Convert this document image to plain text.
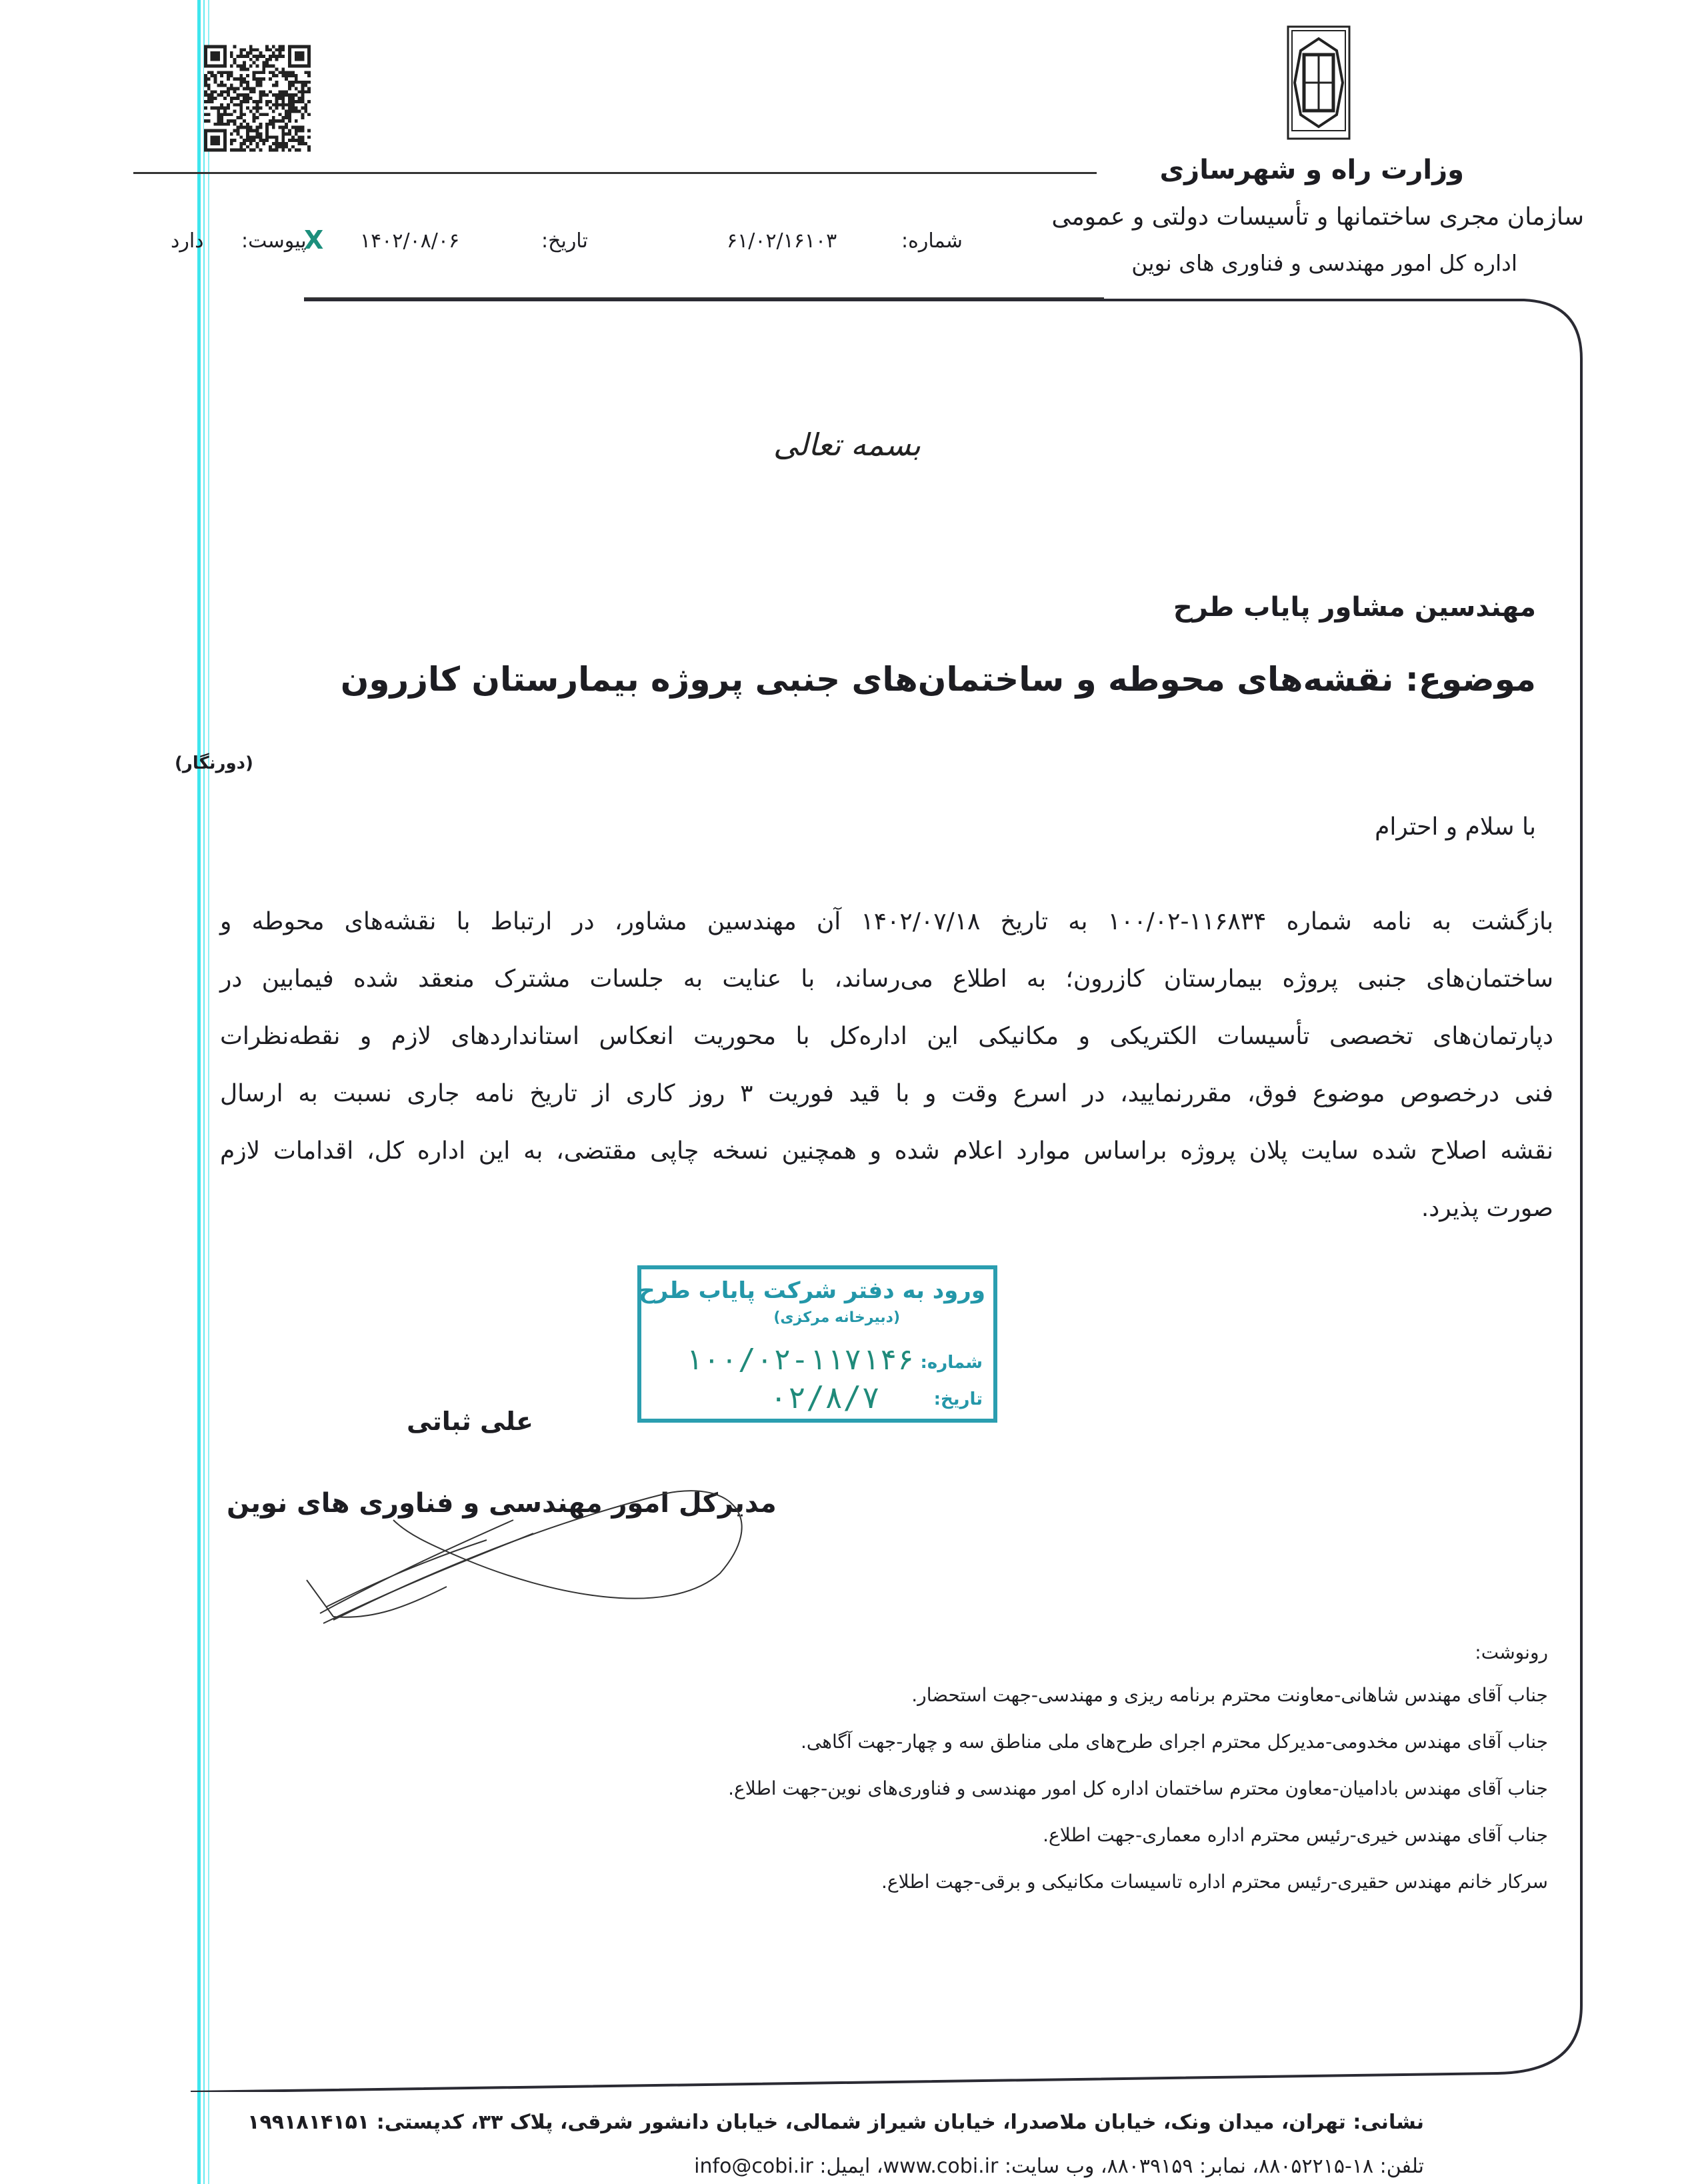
وزارت راه و شهرسازی
سازمان مجری ساختمانها و تأسیسات دولتی و عمومی
اداره کل امور مهندسی و فناوری های نوین
شماره:
۶۱/۰۲/۱۶۱۰۳
تاریخ:
۱۴۰۲/۰۸/۰۶
X
پیوست:
دارد
بسمه تعالی
مهندسین مشاور پایاب طرح
موضوع: نقشه‌های محوطه و ساختمان‌های جنبی پروژه بیمارستان کازرون
(دورنگار)
با سلام و احترام
بازگشت به نامه شماره ۱۱۶۸۳۴-۱۰۰/۰۲ به تاریخ ۱۴۰۲/۰۷/۱۸ آن مهندسین مشاور، در ارتباط با نقشه‌های محوطه و
ساختمان‌های جنبی پروژه بیمارستان کازرون؛ به اطلاع می‌رساند، با عنایت به جلسات مشترک منعقد شده فیمابین در
دپارتمان‌های تخصصی تأسیسات الکتریکی و مکانیکی این اداره‌کل با محوریت انعکاس استانداردهای لازم و نقطه‌نظرات
فنی درخصوص موضوع فوق، مقررنمایید، در اسرع وقت و با قید فوریت ۳ روز کاری از تاریخ نامه جاری نسبت به ارسال
نقشه اصلاح شده سایت پلان پروژه براساس موارد اعلام شده و همچنین نسخه چاپی مقتضی، به این اداره کل، اقدامات لازم
صورت پذیرد.
ورود به دفتر شرکت پایاب طرح
(دبیرخانه مرکزی)
شماره:
۱۰۰/۰۲-۱۱۷۱۴۶
تاریخ:
۰۲/۸/۷
علی ثباتی
مدیرکل امور مهندسی و فناوری های نوین
رونوشت:
جناب آقای مهندس شاهانی-معاونت محترم برنامه ریزی و مهندسی-جهت استحضار.
جناب آقای مهندس مخدومی-مدیرکل محترم اجرای طرح‌های ملی مناطق سه و چهار-جهت آگاهی.
جناب آقای مهندس بادامیان-معاون محترم ساختمان اداره کل امور مهندسی و فناوری‌های نوین-جهت اطلاع.
جناب آقای مهندس خیری-رئیس محترم اداره معماری-جهت اطلاع.
سرکار خانم مهندس حقیری-رئیس محترم اداره تاسیسات مکانیکی و برقی-جهت اطلاع.
نشانی: تهران، میدان ونک، خیابان ملاصدرا، خیابان شیراز شمالی، خیابان دانشور شرقی، پلاک ۳۳، کدپستی: ۱۹۹۱۸۱۴۱۵۱
تلفن: ۱۸-۸۸۰۵۲۲۱۵، نمابر: ۸۸۰۳۹۱۵۹، وب سایت: www.cobi.ir، ایمیل: info@cobi.ir
